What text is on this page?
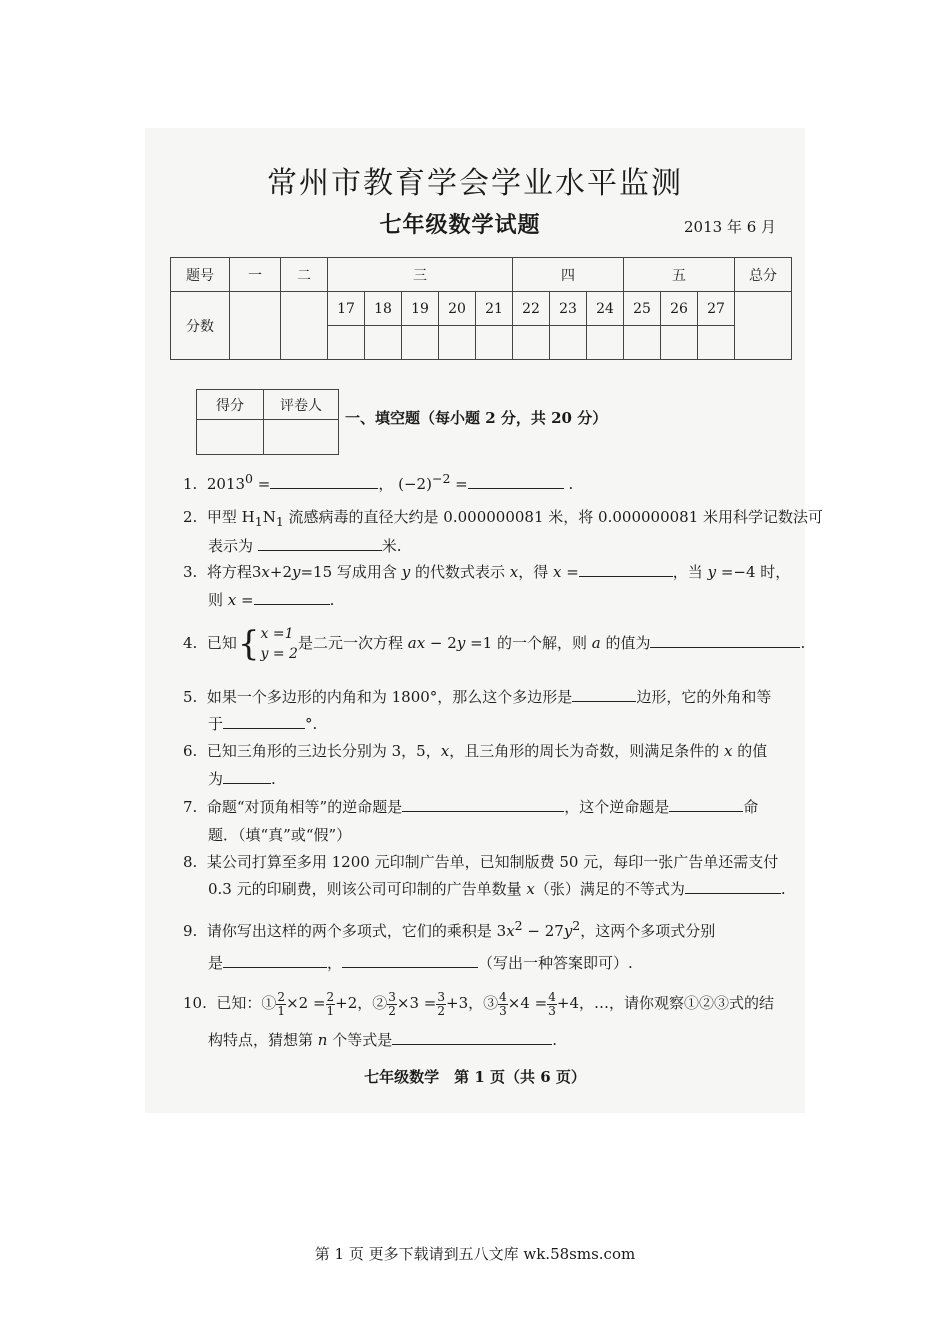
常州市教育学会学业水平监测
七年级数学试题	2013 年 6 月
题号	一	二	三					四			五			总分
分数			17	18	19	20	21	22	23	24	25	26	27	

得分	评卷人

一、填空题（每小题 2 分，共 20 分）
1. $2013^0$ =	， $(-2)^{-2}$ =	.
2. 甲型 $H_1N_1$ 流感病毒的直径大约是 0.000000081 米，将 0.000000081 米用科学记数法可
表示为	米.
3. 将方程3x+2y=15 写成用含 y 的代数式表示 x，得 x =	，当 y =−4 时，
则 x =	.
4. 已知{ x =1
y = 2
是二元一次方程 ax − 2y =1 的一个解，则 a 的值为	.
5. 如果一个多边形的内角和为 1800°，那么这个多边形是	边形，它的外角和等
于	°.
6. 已知三角形的三边长分别为 3，5，x，且三角形的周长为奇数，则满足条件的 x 的值
为	.
7. 命题“对顶角相等”的逆命题是	，这个逆命题是	命
题．（填“真”或“假”）
8. 某公司打算至多用 1200 元印制广告单，已知制版费 50 元，每印一张广告单还需支付
0.3 元的印刷费，则该公司可印制的广告单数量 x（张）满足的不等式为	.
9. 请你写出这样的两个多项式，它们的乘积是 $3x^2 - 27y^2$，这两个多项式分别
是	，	（写出一种答案即可）.
10. 已知：① $\frac{2}{1} \times 2 = \frac{2}{1} +2$，② $\frac{3}{2} \times 3 = \frac{3}{2} +3$，③ $\frac{4}{3} \times 4 = \frac{4}{3} +4$，…，请你观察①②③式的结
构特点，猜想第 n 个等式是	.
七年级数学　第 1 页（共 6 页）
第 1 页 更多下载请到五八文库 wk.58sms.com
